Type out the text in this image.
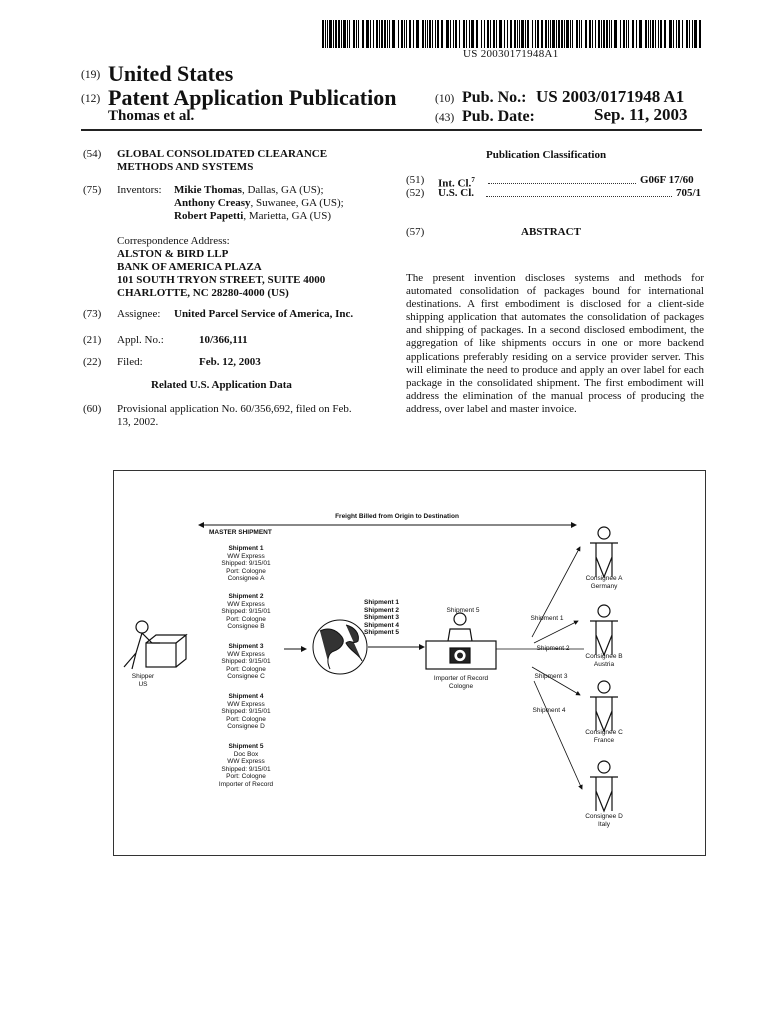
US 20030171948A1
(19) United States
(12) Patent Application Publication
Thomas et al.
(10) Pub. No.: US 2003/0171948 A1
(43) Pub. Date:	Sep. 11, 2003
(54) GLOBAL CONSOLIDATED CLEARANCE
METHODS AND SYSTEMS
(75) Inventors: Mikie Thomas, Dallas, GA (US);
Anthony Creasy, Suwanee, GA (US);
Robert Papetti, Marietta, GA (US)
Correspondence Address:
ALSTON & BIRD LLP
BANK OF AMERICA PLAZA
101 SOUTH TRYON STREET, SUITE 4000
CHARLOTTE, NC 28280-4000 (US)
(73) Assignee: United Parcel Service of America, Inc.
(21) Appl. No.:	10/366,111
(22) Filed:	Feb. 12, 2003
Related U.S. Application Data
(60) Provisional application No. 60/356,692, filed on Feb.
13, 2002.
Publication Classification
(51) Int. Cl.$^7$	G06F 17/60
(52) U.S. Cl.	705/1
(57)	ABSTRACT
The present invention discloses systems and methods for automated consolidation of packages bound for international destinations. A first embodiment is disclosed for a client-side shipping application that automates the consolidation of packages and shipping of packages. In a second disclosed embodiment, the aggregation of like shipments occurs in one or more backend applications preferably residing on a service provider server. This will eliminate the need to produce and apply an over label for each package in the consolidated shipment. The first embodiment will address the elimination of the manual process of producing the address, over label and master invoice.
Freight Billed from Origin to Destination
MASTER SHIPMENT
Shipment 1
WW Express
Shipped: 9/15/01
Port: Cologne
Consignee A
Shipment 2
WW Express
Shipped: 9/15/01
Port: Cologne
Consignee B
Shipment 3
WW Express
Shipped: 9/15/01
Port: Cologne
Consignee C
Shipment 4
WW Express
Shipped: 9/15/01
Port: Cologne
Consignee D
Shipment 5
Doc Box
WW Express
Shipped: 9/15/01
Port: Cologne
Importer of Record
Shipper
US
Shipment 1
Shipment 2
Shipment 3
Shipment 4
Shipment 5
Shipment 5
Importer of Record
Cologne
Shipment 1
Shipment 2
Shipment 3
Shipment 4
Consignee A
Germany
Consignee B
Austria
Consignee C
France
Consignee D
Italy
